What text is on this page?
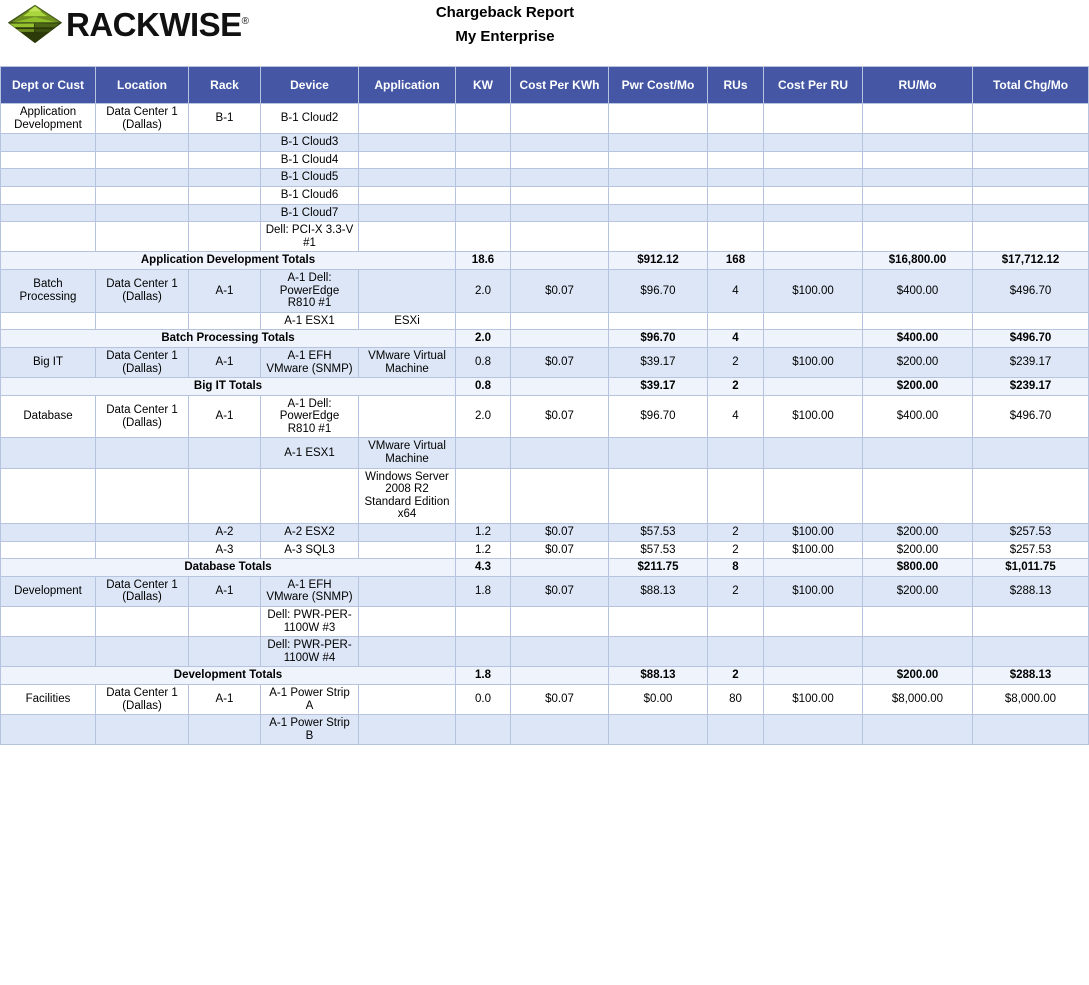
RACKWISE®	Chargeback Report
My Enterprise
Dept or Cust	Location	Rack	Device	Application	KW	Cost Per KWh	Pwr Cost/Mo	RUs	Cost Per RU	RU/Mo	Total Chg/Mo
Application Development	Data Center 1 (Dallas)	B-1	B-1 Cloud2								
			B-1 Cloud3								
			B-1 Cloud4								
			B-1 Cloud5								
			B-1 Cloud6								
			B-1 Cloud7								
			Dell: PCI-X 3.3-V #1								
Application Development Totals					18.6		$912.12	168		$16,800.00	$17,712.12
Batch Processing	Data Center 1 (Dallas)	A-1	A-1 Dell: PowerEdge R810 #1		2.0	$0.07	$96.70	4	$100.00	$400.00	$496.70
			A-1 ESX1	ESXi							
Batch Processing Totals					2.0		$96.70	4		$400.00	$496.70
Big IT	Data Center 1 (Dallas)	A-1	A-1 EFH VMware (SNMP)	VMware Virtual Machine	0.8	$0.07	$39.17	2	$100.00	$200.00	$239.17
Big IT Totals					0.8		$39.17	2		$200.00	$239.17
Database	Data Center 1 (Dallas)	A-1	A-1 Dell: PowerEdge R810 #1		2.0	$0.07	$96.70	4	$100.00	$400.00	$496.70
			A-1 ESX1	VMware Virtual Machine							
				Windows Server 2008 R2 Standard Edition x64							
		A-2	A-2 ESX2		1.2	$0.07	$57.53	2	$100.00	$200.00	$257.53
		A-3	A-3 SQL3		1.2	$0.07	$57.53	2	$100.00	$200.00	$257.53
Database Totals					4.3		$211.75	8		$800.00	$1,011.75
Development	Data Center 1 (Dallas)	A-1	A-1 EFH VMware (SNMP)		1.8	$0.07	$88.13	2	$100.00	$200.00	$288.13
			Dell: PWR-PER-1100W #3								
			Dell: PWR-PER-1100W #4								
Development Totals					1.8		$88.13	2		$200.00	$288.13
Facilities	Data Center 1 (Dallas)	A-1	A-1 Power Strip A		0.0	$0.07	$0.00	80	$100.00	$8,000.00	$8,000.00
			A-1 Power Strip B								
